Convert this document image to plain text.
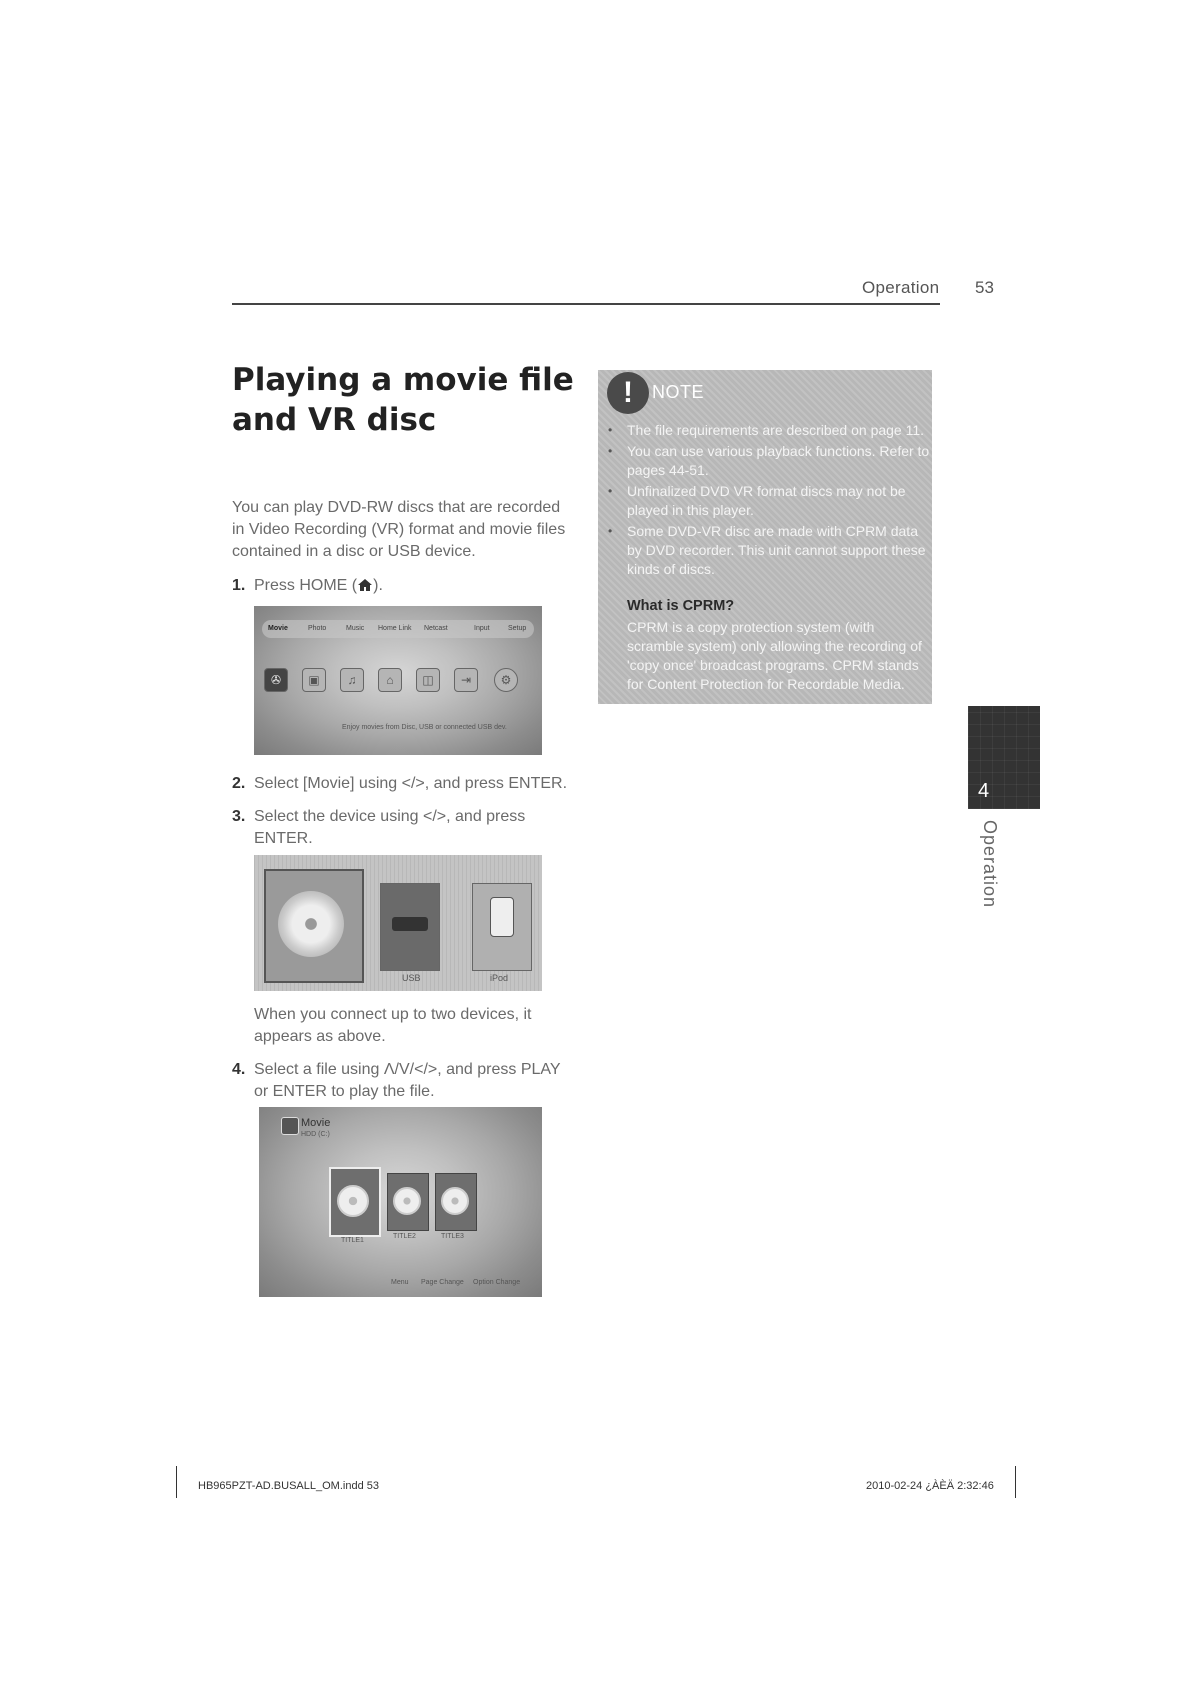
Operation 53
Playing a movie file
and VR disc
You can play DVD-RW discs that are recorded in Video Recording (VR) format and movie files contained in a disc or USB device.
1. Press HOME ( ).
Movie	Photo	Music Home Link Netcast	Input	Setup
✇	▣	♫	⌂	◫	⇥	⚙
Enjoy movies from Disc, USB or connected USB dev.
2. Select [Movie] using </>, and press ENTER.
3. Select the device using </>, and press ENTER.
USB	iPod
When you connect up to two devices, it appears as above.
4. Select a file using Λ/V/</>, and press PLAY or ENTER to play the file.
Movie
HDD (C:)
TITLE1
TITLE2	TITLE3
Menu Page Change Option Change
!	NOTE
• The file requirements are described on page 11.
• You can use various playback functions. Refer to pages 44-51.
• Unfinalized DVD VR format discs may not be played in this player.
• Some DVD-VR disc are made with CPRM data by DVD recorder. This unit cannot support these kinds of discs.
What is CPRM?
CPRM is a copy protection system (with scramble system) only allowing the recording of 'copy once' broadcast programs. CPRM stands for Content Protection for Recordable Media.
4
Operation
HB965PZT-AD.BUSALL_OM.indd 53	2010-02-24 ¿ÀÈÄ 2:32:46
